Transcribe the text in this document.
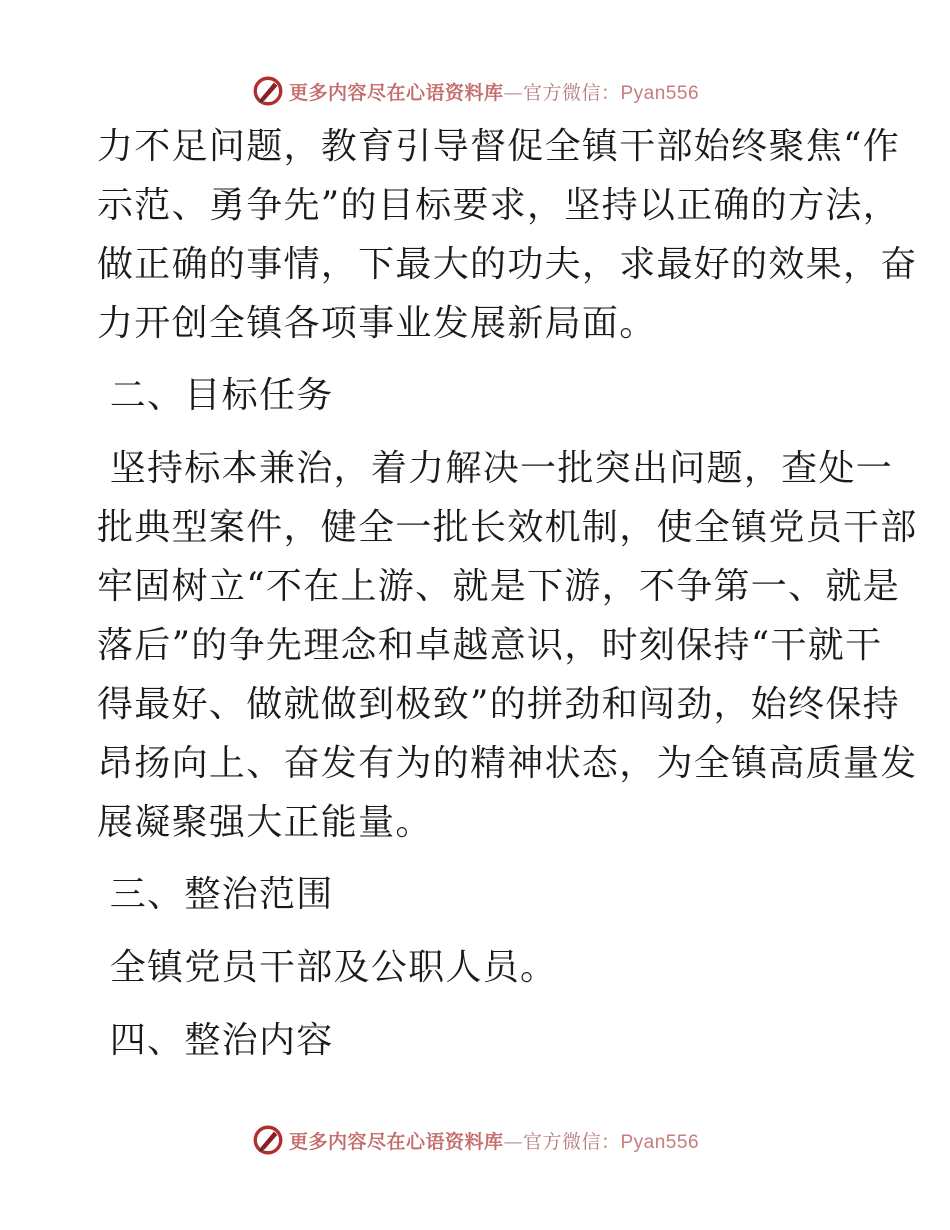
更多内容尽在心语资料库—官方微信：Pyan556
力不足问题，教育引导督促全镇干部始终聚焦“作
示范、勇争先”的目标要求，坚持以正确的方法，
做正确的事情，下最大的功夫，求最好的效果，奋
力开创全镇各项事业发展新局面。
二、目标任务
坚持标本兼治，着力解决一批突出问题，查处一
批典型案件，健全一批长效机制，使全镇党员干部
牢固树立“不在上游、就是下游，不争第一、就是
落后”的争先理念和卓越意识，时刻保持“干就干
得最好、做就做到极致”的拼劲和闯劲，始终保持
昂扬向上、奋发有为的精神状态，为全镇高质量发
展凝聚强大正能量。
三、整治范围
全镇党员干部及公职人员。
四、整治内容
更多内容尽在心语资料库—官方微信：Pyan556
